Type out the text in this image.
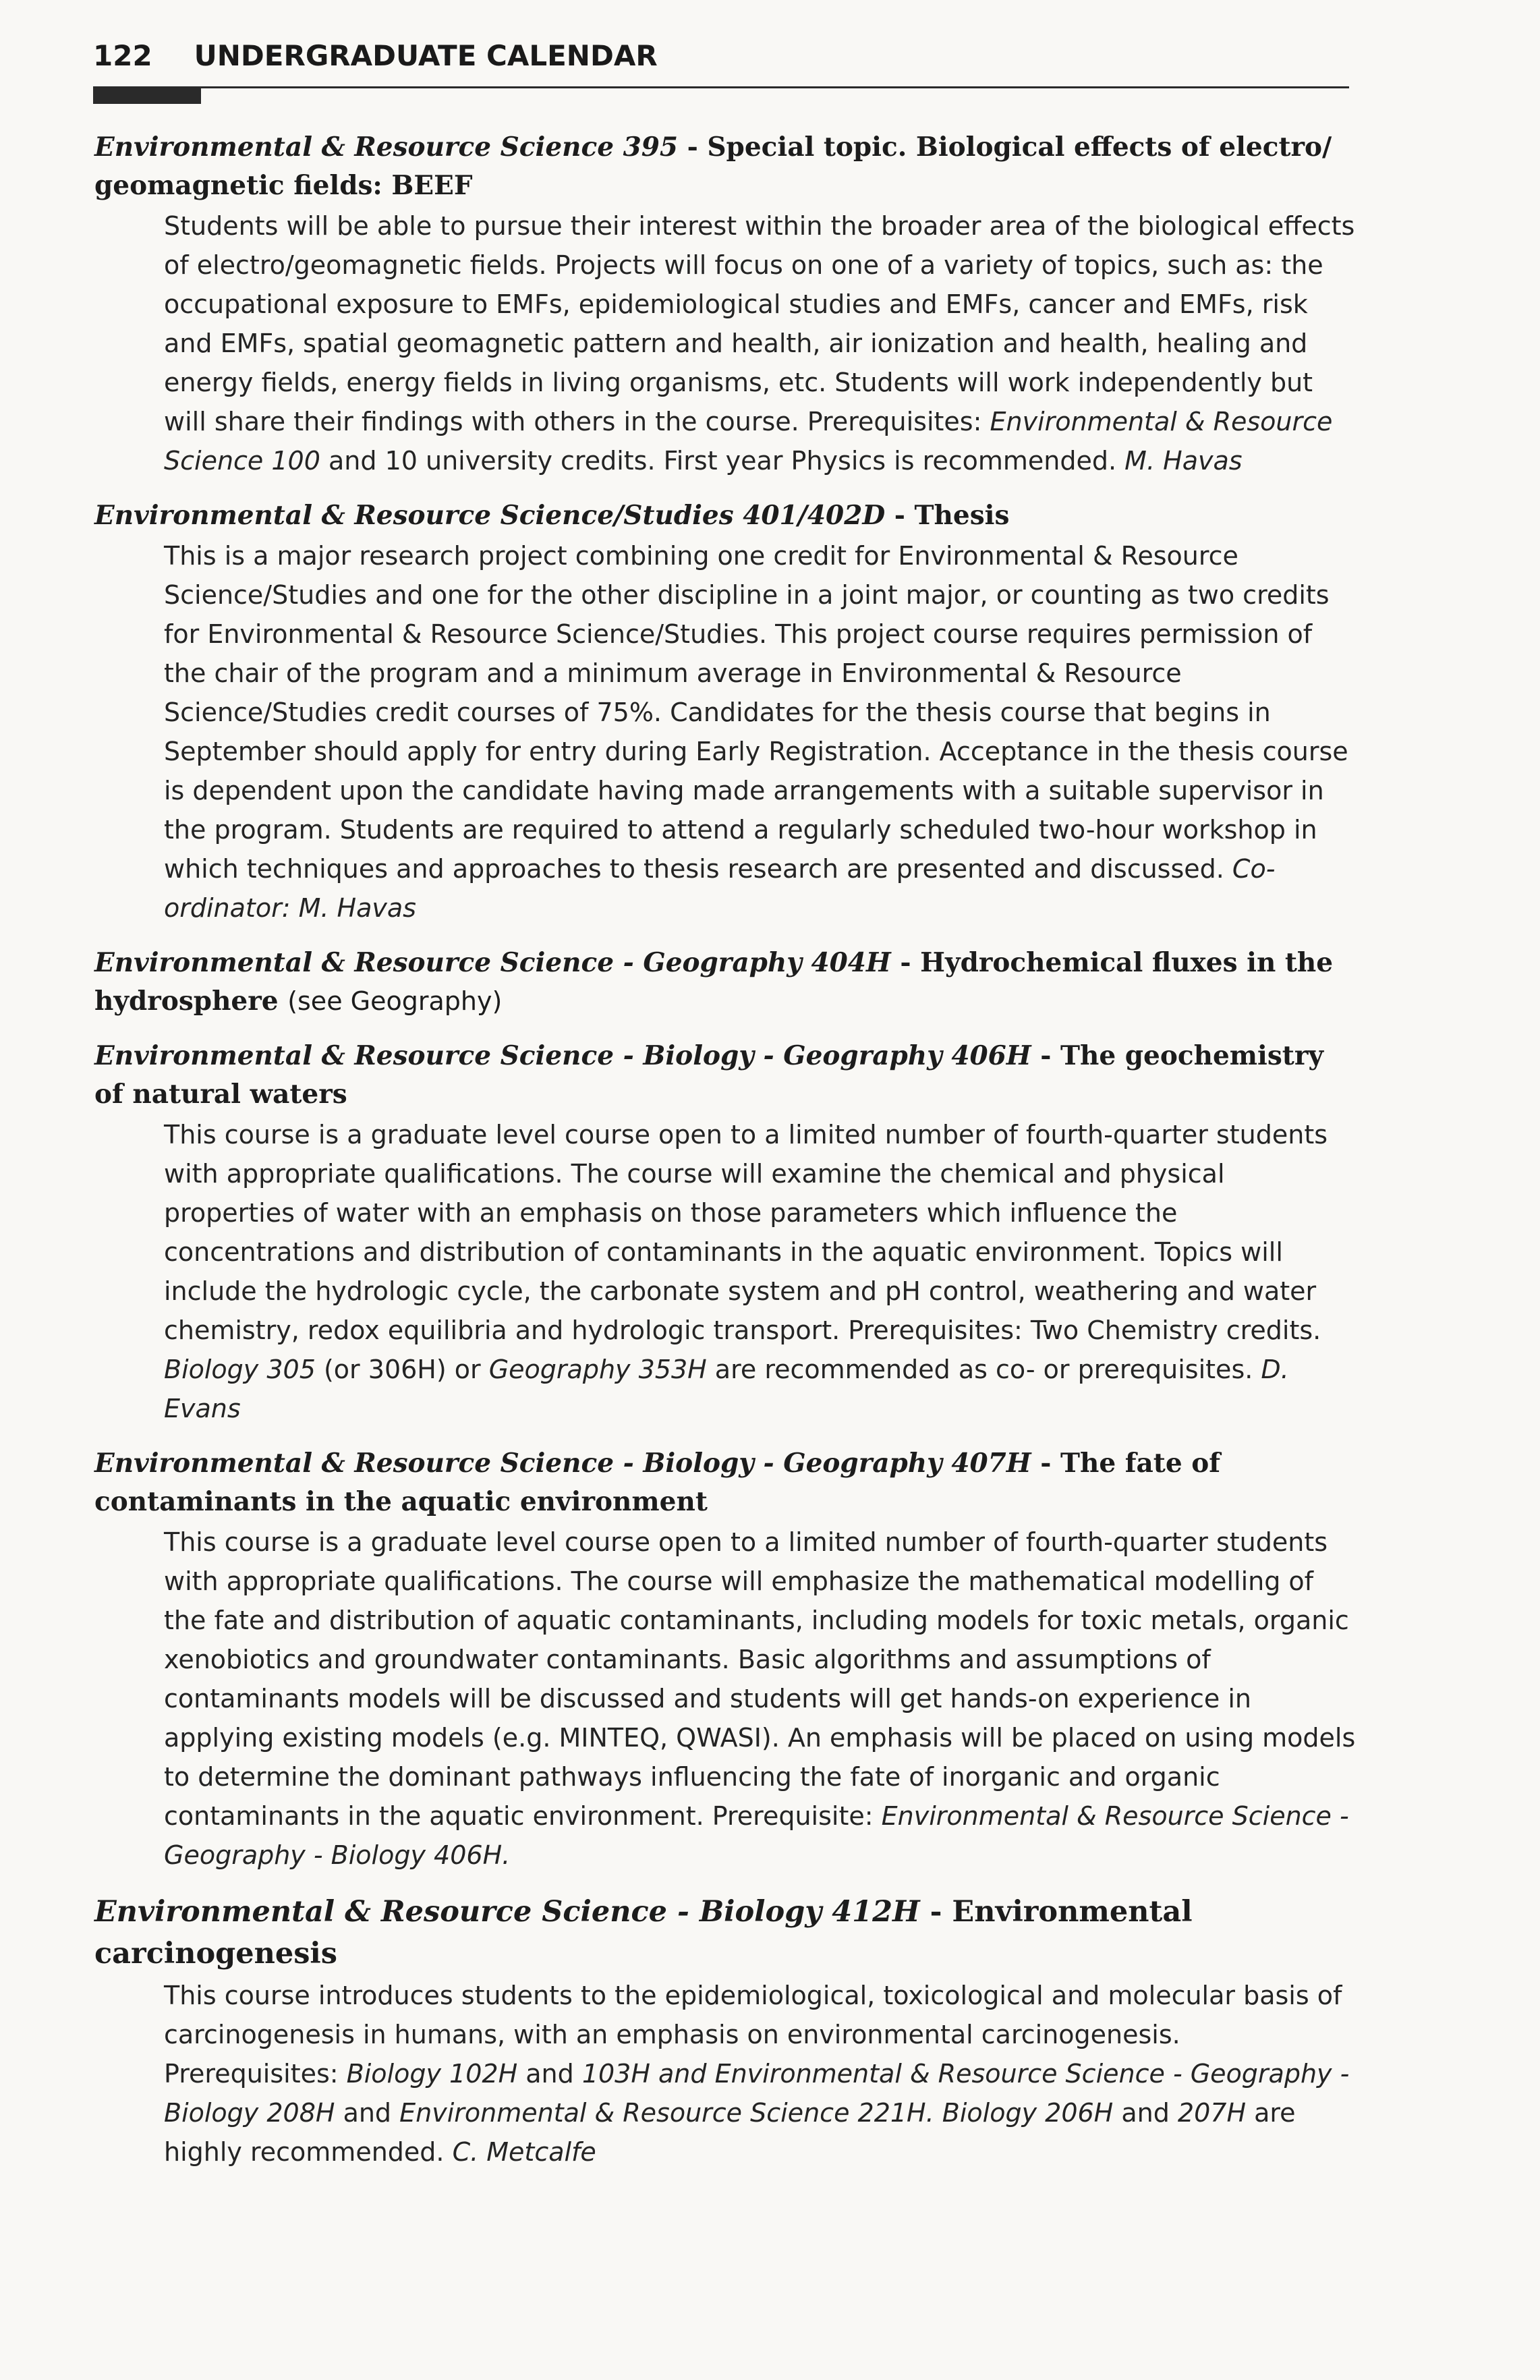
122 UNDERGRADUATE CALENDAR

Environmental & Resource Science 395 - Special topic. Biological effects of electro/ geomagnetic fields: BEEF

Students will be able to pursue their interest within the broader area of the biological effects of electro/geomagnetic fields. Projects will focus on one of a variety of topics, such as: the occupational exposure to EMFs, epidemiological studies and EMFs, cancer and EMFs, risk and EMFs, spatial geomagnetic pattern and health, air ionization and health, healing and energy fields, energy fields in living organisms, etc. Students will work independently but will share their findings with others in the course. Prerequisites: Environmental & Resource Science 100 and 10 university credits. First year Physics is recommended. M. Havas

Environmental & Resource Science/Studies 401/402D - Thesis

This is a major research project combining one credit for Environmental & Resource Science/Studies and one for the other discipline in a joint major, or counting as two credits for Environmental & Resource Science/Studies. This project course requires permission of the chair of the program and a minimum average in Environmental & Resource Science/Studies credit courses of 75%. Candidates for the thesis course that begins in September should apply for entry during Early Registration. Acceptance in the thesis course is dependent upon the candidate having made arrangements with a suitable supervisor in the program. Students are required to attend a regularly scheduled two-hour workshop in which techniques and approaches to thesis research are presented and discussed. Co-ordinator: M. Havas

Environmental & Resource Science - Geography 404H - Hydrochemical fluxes in the hydrosphere (see Geography)

Environmental & Resource Science - Biology - Geography 406H - The geochemistry of natural waters

This course is a graduate level course open to a limited number of fourth-quarter students with appropriate qualifications. The course will examine the chemical and physical properties of water with an emphasis on those parameters which influence the concentrations and distribution of contaminants in the aquatic environment. Topics will include the hydrologic cycle, the carbonate system and pH control, weathering and water chemistry, redox equilibria and hydrologic transport. Prerequisites: Two Chemistry credits. Biology 305 (or 306H) or Geography 353H are recommended as co- or prerequisites. D. Evans

Environmental & Resource Science - Biology - Geography 407H - The fate of contaminants in the aquatic environment

This course is a graduate level course open to a limited number of fourth-quarter students with appropriate qualifications. The course will emphasize the mathematical modelling of the fate and distribution of aquatic contaminants, including models for toxic metals, organic xenobiotics and groundwater contaminants. Basic algorithms and assumptions of contaminants models will be discussed and students will get hands-on experience in applying existing models (e.g. MINTEQ, QWASI). An emphasis will be placed on using models to determine the dominant pathways influencing the fate of inorganic and organic contaminants in the aquatic environment. Prerequisite: Environmental & Resource Science - Geography - Biology 406H.

Environmental & Resource Science - Biology 412H - Environmental carcinogenesis

This course introduces students to the epidemiological, toxicological and molecular basis of carcinogenesis in humans, with an emphasis on environmental carcinogenesis. Prerequisites: Biology 102H and 103H and Environmental & Resource Science - Geography - Biology 208H and Environmental & Resource Science 221H. Biology 206H and 207H are highly recommended. C. Metcalfe
